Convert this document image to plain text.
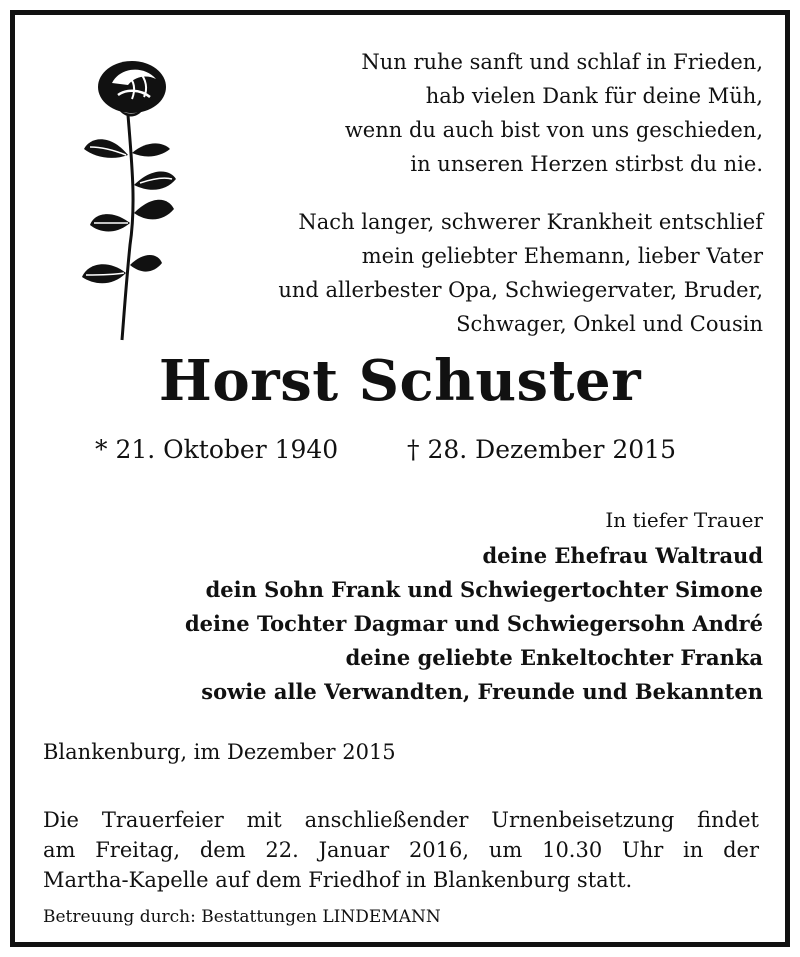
Nun ruhe sanft und schlaf in Frieden,
hab vielen Dank für deine Müh,
wenn du auch bist von uns geschieden,
in unseren Herzen stirbst du nie.
Nach langer, schwerer Krankheit entschlief
mein geliebter Ehemann, lieber Vater
und allerbester Opa, Schwiegervater, Bruder,
Schwager, Onkel und Cousin
Horst Schuster
* 21. Oktober 1940	† 28. Dezember 2015
In tiefer Trauer
deine Ehefrau Waltraud
dein Sohn Frank und Schwiegertochter Simone
deine Tochter Dagmar und Schwiegersohn André
deine geliebte Enkeltochter Franka
sowie alle Verwandten, Freunde und Bekannten
Blankenburg, im Dezember 2015
Die Trauerfeier mit anschließender Urnenbeisetzung findet
am Freitag, dem 22. Januar 2016, um 10.30 Uhr in der
Martha-Kapelle auf dem Friedhof in Blankenburg statt.
Betreuung durch: Bestattungen LINDEMANN
